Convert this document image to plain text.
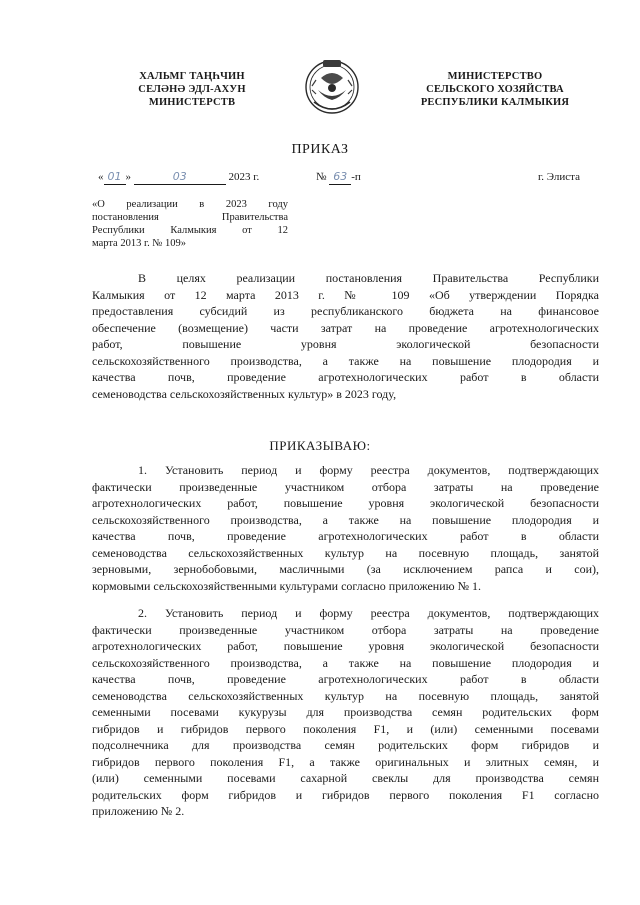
ХАЛЬМГ ТАҢҺЧИН
СЕЛӘНӘ ЭДЛ-АХУН
МИНИСТЕРСТВ
МИНИСТЕРСТВО
СЕЛЬСКОГО ХОЗЯЙСТВА
РЕСПУБЛИКИ КАЛМЫКИЯ
ПРИКАЗ
« 01 »	03	2023 г.	№ 63 -п	г. Элиста
«О реализации в 2023 году
постановления Правительства
Республики Калмыкия от 12
марта 2013 г. № 109»
В целях реализации постановления Правительства Республики
Калмыкия от 12 марта 2013 г. № 109 «Об утверждении Порядка
предоставления субсидий из республиканского бюджета на финансовое
обеспечение (возмещение) части затрат на проведение агротехнологических
работ, повышение уровня экологической безопасности
сельскохозяйственного производства, а также на повышение плодородия и
качества почв, проведение агротехнологических работ в области
семеноводства сельскохозяйственных культур» в 2023 году,
ПРИКАЗЫВАЮ:
1. Установить период и форму реестра документов, подтверждающих
фактически произведенные участником отбора затраты на проведение
агротехнологических работ, повышение уровня экологической безопасности
сельскохозяйственного производства, а также на повышение плодородия и
качества почв, проведение агротехнологических работ в области
семеноводства сельскохозяйственных культур на посевную площадь, занятой
зерновыми, зернобобовыми, масличными (за исключением рапса и сои),
кормовыми сельскохозяйственными культурами согласно приложению № 1.
2. Установить период и форму реестра документов, подтверждающих
фактически произведенные участником отбора затраты на проведение
агротехнологических работ, повышение уровня экологической безопасности
сельскохозяйственного производства, а также на повышение плодородия и
качества почв, проведение агротехнологических работ в области
семеноводства сельскохозяйственных культур на посевную площадь, занятой
семенными посевами кукурузы для производства семян родительских форм
гибридов и гибридов первого поколения F1, и (или) семенными посевами
подсолнечника для производства семян родительских форм гибридов и
гибридов первого поколения F1, а также оригинальных и элитных семян, и
(или) семенными посевами сахарной свеклы для производства семян
родительских форм гибридов и гибридов первого поколения F1 согласно
приложению № 2.
